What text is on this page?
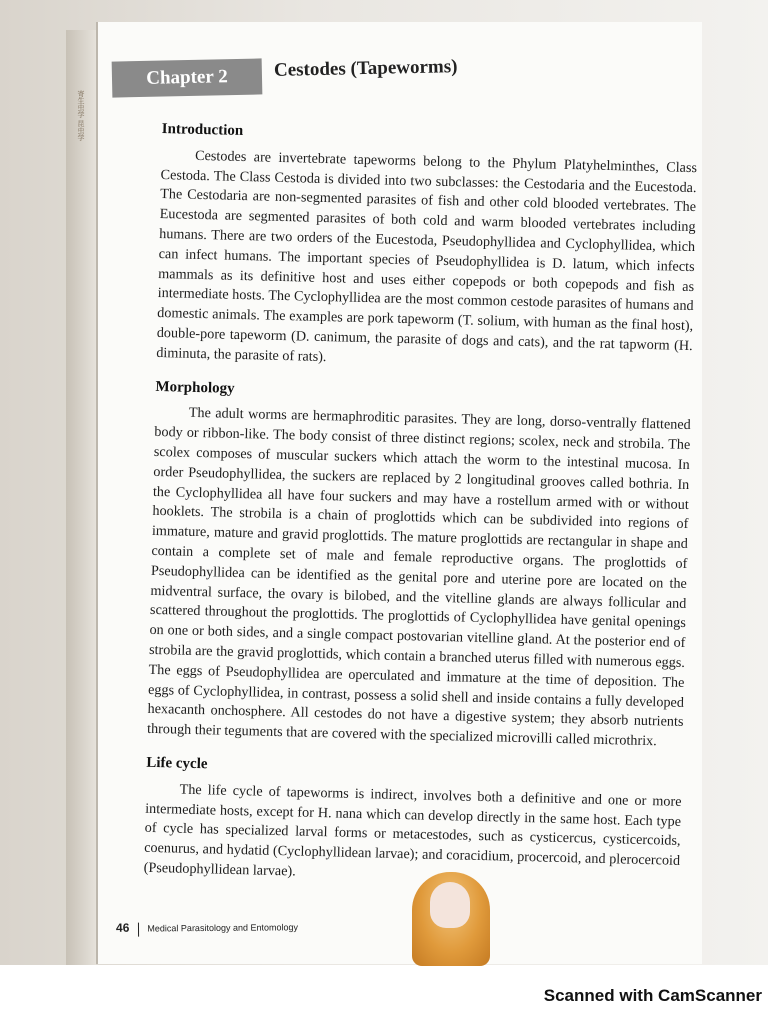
寄生虫学 昆虫学
Chapter 2	Cestodes (Tapeworms)
Introduction

Cestodes are invertebrate tapeworms belong to the Phylum Platyhelminthes, Class Cestoda. The Class Cestoda is divided into two subclasses: the Cestodaria and the Eucestoda. The Cestodaria are non-segmented parasites of fish and other cold blooded vertebrates. The Eucestoda are segmented parasites of both cold and warm blooded vertebrates including humans. There are two orders of the Eucestoda, Pseudophyllidea and Cyclophyllidea, which can infect humans. The important species of Pseudophyllidea is D. latum, which infects mammals as its definitive host and uses either copepods or both copepods and fish as intermediate hosts. The Cyclophyllidea are the most common cestode parasites of humans and domestic animals. The examples are pork tapeworm (T. solium, with human as the final host), double-pore tapeworm (D. canimum, the parasite of dogs and cats), and the rat tapworm (H. diminuta, the parasite of rats).

Morphology

The adult worms are hermaphroditic parasites. They are long, dorso-ventrally flattened body or ribbon-like. The body consist of three distinct regions; scolex, neck and strobila. The scolex composes of muscular suckers which attach the worm to the intestinal mucosa. In order Pseudophyllidea, the suckers are replaced by 2 longitudinal grooves called bothria. In the Cyclophyllidea all have four suckers and may have a rostellum armed with or without hooklets. The strobila is a chain of proglottids which can be subdivided into regions of immature, mature and gravid proglottids. The mature proglottids are rectangular in shape and contain a complete set of male and female reproductive organs. The proglottids of Pseudophyllidea can be identified as the genital pore and uterine pore are located on the midventral surface, the ovary is bilobed, and the vitelline glands are always follicular and scattered throughout the proglottids. The proglottids of Cyclophyllidea have genital openings on one or both sides, and a single compact postovarian vitelline gland. At the posterior end of strobila are the gravid proglottids, which contain a branched uterus filled with numerous eggs. The eggs of Pseudophyllidea are operculated and immature at the time of deposition. The eggs of Cyclophyllidea, in contrast, possess a solid shell and inside contains a fully developed hexacanth onchosphere. All cestodes do not have a digestive system; they absorb nutrients through their teguments that are covered with the specialized microvilli called microthrix.

Life cycle

The life cycle of tapeworms is indirect, involves both a definitive and one or more intermediate hosts, except for H. nana which can develop directly in the same host. Each type of cycle has specialized larval forms or metacestodes, such as cysticercus, cysticercoids, coenurus, and hydatid (Cyclophyllidean larvae); and coracidium, procercoid, and plerocercoid (Pseudophyllidean larvae).

46 Medical Parasitology and Entomology
Scanned with CamScanner
